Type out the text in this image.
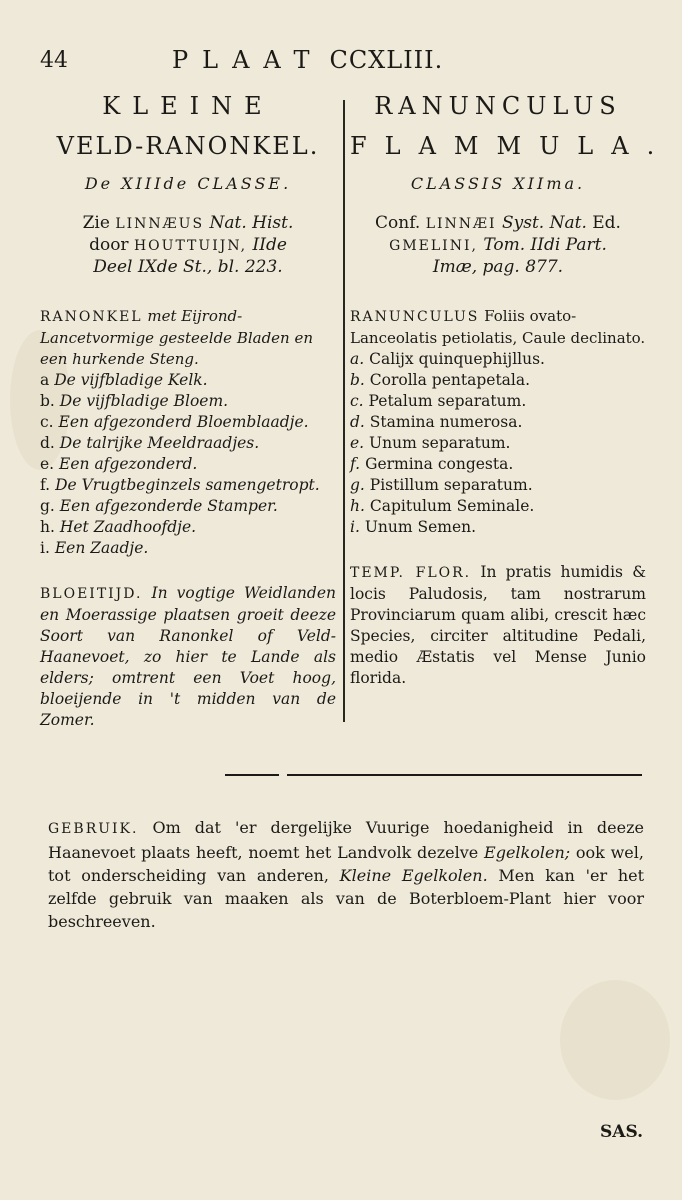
44	PLAAT CCXLIII.

KLEINE

VELD-RANONKEL.

De XIIIde CLASSE.
Zie LINNÆUS Nat. Hist.
door HOUTTUIJN, IIde
Deel IXde St., bl. 223.
RANONKEL met Eijrond-Lancetvormige gesteelde Bladen en een hurkende Steng.
a De vijfbladige Kelk.
b. De vijfbladige Bloem.
c. Een afgezonderd Bloemblaadje.
d. De talrijke Meeldraadjes.
e. Een afgezonderd.
f. De Vrugtbeginzels samengetropt.
g. Een afgezonderde Stamper.
h. Het Zaadhoofdje.
i. Een Zaadje.
BLOEITIJD. In vogtige Weidlanden en Moerassige plaatsen groeit deeze Soort van Ranonkel of Veld-Haanevoet, zo hier te Lande als elders; omtrent een Voet hoog, bloeijende in 't midden van de Zomer.

RANUNCULUS

FLAMMULA.

CLASSIS XIIma.
Conf. LINNÆI Syst. Nat. Ed.
GMELINI, Tom. IIdi Part.
Imæ, pag. 877.
RANUNCULUS Foliis ovato-Lanceolatis petiolatis, Caule declinato.
a. Calijx quinquephijllus.
b. Corolla pentapetala.
c. Petalum separatum.
d. Stamina numerosa.
e. Unum separatum.
f. Germina congesta.
g. Pistillum separatum.
h. Capitulum Seminale.
i. Unum Semen.
TEMP. FLOR. In pratis humidis & locis Paludosis, tam nostrarum Provinciarum quam alibi, crescit hæc Species, circiter altitudine Pedali, medio Æstatis vel Mense Junio florida.
GEBRUIK. Om dat 'er dergelijke Vuurige hoedanigheid in deeze Haanevoet plaats heeft, noemt het Landvolk dezelve Egelkolen; ook wel, tot onderscheiding van anderen, Kleine Egelkolen. Men kan 'er het zelfde gebruik van maaken als van de Boterbloem-Plant hier voor beschreeven.
SAS.
